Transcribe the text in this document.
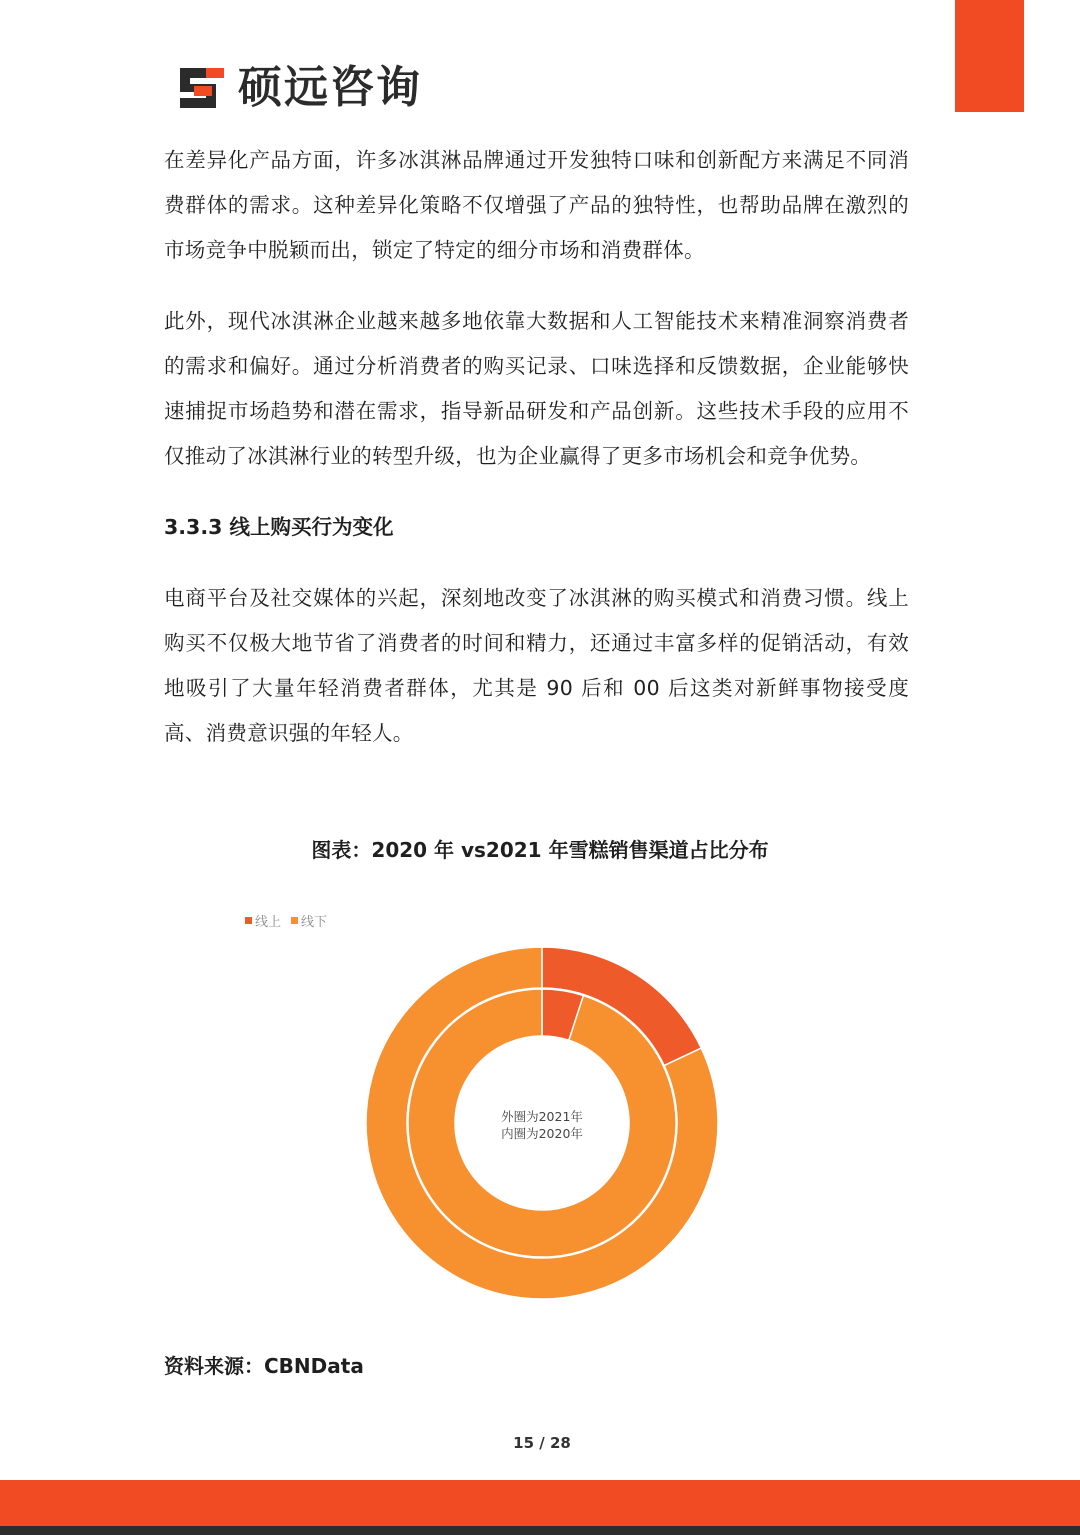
硕远咨询

在差异化产品方面，许多冰淇淋品牌通过开发独特口味和创新配方来满足不同消费群体的需求。这种差异化策略不仅增强了产品的独特性，也帮助品牌在激烈的市场竞争中脱颖而出，锁定了特定的细分市场和消费群体。

此外，现代冰淇淋企业越来越多地依靠大数据和人工智能技术来精准洞察消费者的需求和偏好。通过分析消费者的购买记录、口味选择和反馈数据，企业能够快速捕捉市场趋势和潜在需求，指导新品研发和产品创新。这些技术手段的应用不仅推动了冰淇淋行业的转型升级，也为企业赢得了更多市场机会和竞争优势。

3.3.3 线上购买行为变化

电商平台及社交媒体的兴起，深刻地改变了冰淇淋的购买模式和消费习惯。线上购买不仅极大地节省了消费者的时间和精力，还通过丰富多样的促销活动，有效地吸引了大量年轻消费者群体，尤其是 90 后和 00 后这类对新鲜事物接受度高、消费意识强的年轻人。

图表：2020 年 vs2021 年雪糕销售渠道占比分布
线上 线下
外圈为2021年
内圈为2020年
资料来源：CBNData
15 / 28
